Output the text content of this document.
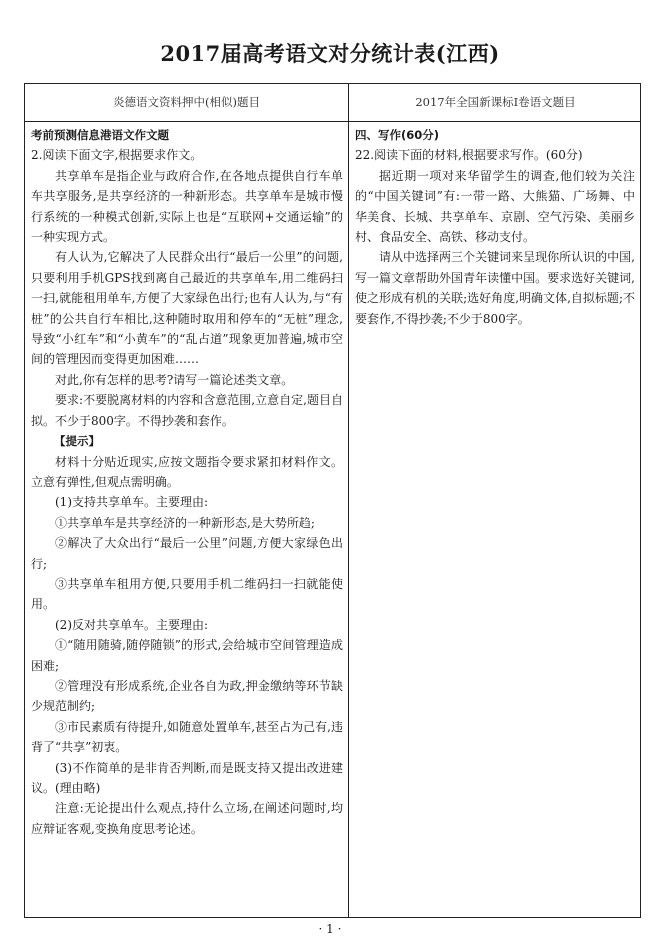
2017届高考语文对分统计表(江西)
炎德语文资料押中(相似)题目	2017年全国新课标Ⅰ卷语文题目

考前预测信息港语文作文题

2.阅读下面文字,根据要求作文。

共享单车是指企业与政府合作,在各地点提供自行车单车共享服务,是共享经济的一种新形态。共享单车是城市慢行系统的一种模式创新,实际上也是“互联网+交通运输”的一种实现方式。

有人认为,它解决了人民群众出行“最后一公里”的问题,只要利用手机GPS找到离自己最近的共享单车,用二维码扫一扫,就能租用单车,方便了大家绿色出行;也有人认为,与“有桩”的公共自行车相比,这种随时取用和停车的“无桩”理念,导致“小红车”和“小黄车”的“乱占道”现象更加普遍,城市空间的管理因而变得更加困难……

对此,你有怎样的思考?请写一篇论述类文章。

要求:不要脱离材料的内容和含意范围,立意自定,题目自拟。不少于800字。不得抄袭和套作。

【提示】

材料十分贴近现实,应按文题指令要求紧扣材料作文。立意有弹性,但观点需明确。

(1)支持共享单车。主要理由:

①共享单车是共享经济的一种新形态,是大势所趋;

②解决了大众出行“最后一公里”问题,方便大家绿色出行;

③共享单车租用方便,只要用手机二维码扫一扫就能使用。

(2)反对共享单车。主要理由:

①“随用随骑,随停随锁”的形式,会给城市空间管理造成困难;

②管理没有形成系统,企业各自为政,押金缴纳等环节缺少规范制约;

③市民素质有待提升,如随意处置单车,甚至占为己有,违背了“共享”初衷。

(3)不作简单的是非肯否判断,而是既支持又提出改进建议。(理由略)

注意:无论提出什么观点,持什么立场,在阐述问题时,均应辩证客观,变换角度思考论述。

四、写作(60分)

22.阅读下面的材料,根据要求写作。(60分)

据近期一项对来华留学生的调查,他们较为关注的“中国关键词”有:一带一路、大熊猫、广场舞、中华美食、长城、共享单车、京剧、空气污染、美丽乡村、食品安全、高铁、移动支付。

请从中选择两三个关键词来呈现你所认识的中国,写一篇文章帮助外国青年读懂中国。要求选好关键词,使之形成有机的关联;选好角度,明确文体,自拟标题;不要套作,不得抄袭;不少于800字。

· 1 ·
